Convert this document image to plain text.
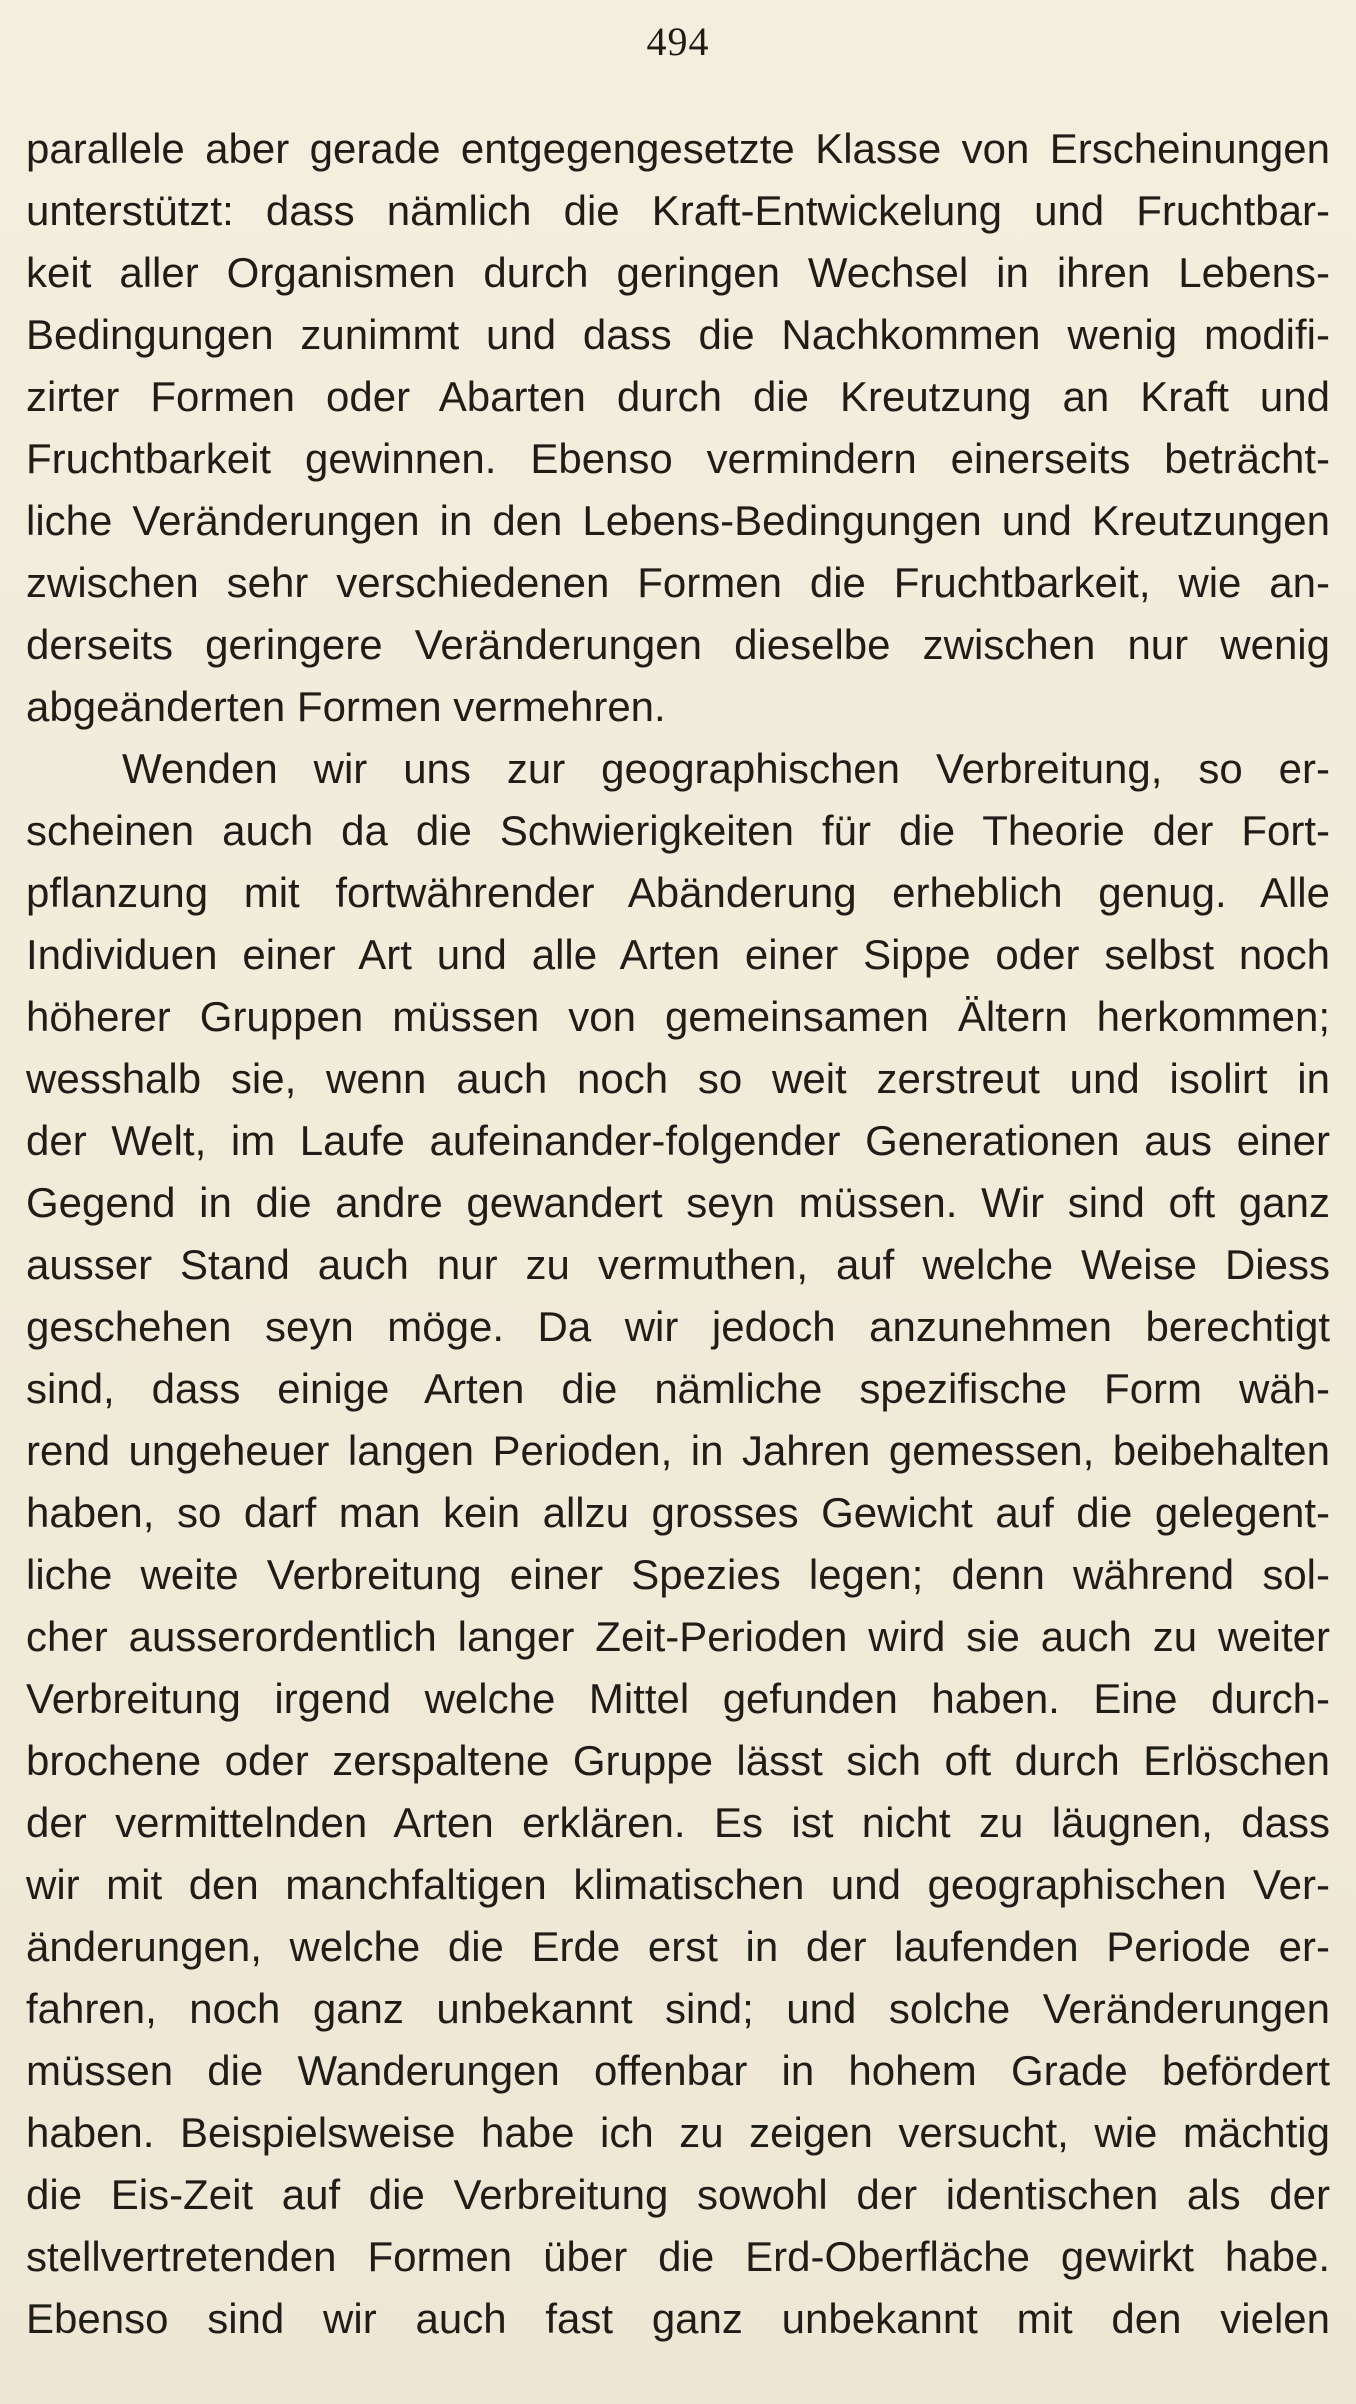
494
parallele aber gerade entgegengesetzte Klasse von Erscheinungen
unterstützt: dass nämlich die Kraft-Entwickelung und Fruchtbar-
keit aller Organismen durch geringen Wechsel in ihren Lebens-
Bedingungen zunimmt und dass die Nachkommen wenig modifi-
zirter Formen oder Abarten durch die Kreutzung an Kraft und
Fruchtbarkeit gewinnen. Ebenso vermindern einerseits beträcht-
liche Veränderungen in den Lebens-Bedingungen und Kreutzungen
zwischen sehr verschiedenen Formen die Fruchtbarkeit, wie an-
derseits geringere Veränderungen dieselbe zwischen nur wenig
abgeänderten Formen vermehren.
Wenden wir uns zur geographischen Verbreitung, so er-
scheinen auch da die Schwierigkeiten für die Theorie der Fort-
pflanzung mit fortwährender Abänderung erheblich genug. Alle
Individuen einer Art und alle Arten einer Sippe oder selbst noch
höherer Gruppen müssen von gemeinsamen Ältern herkommen;
wesshalb sie, wenn auch noch so weit zerstreut und isolirt in
der Welt, im Laufe aufeinander-folgender Generationen aus einer
Gegend in die andre gewandert seyn müssen. Wir sind oft ganz
ausser Stand auch nur zu vermuthen, auf welche Weise Diess
geschehen seyn möge. Da wir jedoch anzunehmen berechtigt
sind, dass einige Arten die nämliche spezifische Form wäh-
rend ungeheuer langen Perioden, in Jahren gemessen, beibehalten
haben, so darf man kein allzu grosses Gewicht auf die gelegent-
liche weite Verbreitung einer Spezies legen; denn während sol-
cher ausserordentlich langer Zeit-Perioden wird sie auch zu weiter
Verbreitung irgend welche Mittel gefunden haben. Eine durch-
brochene oder zerspaltene Gruppe lässt sich oft durch Erlöschen
der vermittelnden Arten erklären. Es ist nicht zu läugnen, dass
wir mit den manchfaltigen klimatischen und geographischen Ver-
änderungen, welche die Erde erst in der laufenden Periode er-
fahren, noch ganz unbekannt sind; und solche Veränderungen
müssen die Wanderungen offenbar in hohem Grade befördert
haben. Beispielsweise habe ich zu zeigen versucht, wie mächtig
die Eis-Zeit auf die Verbreitung sowohl der identischen als der
stellvertretenden Formen über die Erd-Oberfläche gewirkt habe.
Ebenso sind wir auch fast ganz unbekannt mit den vielen
